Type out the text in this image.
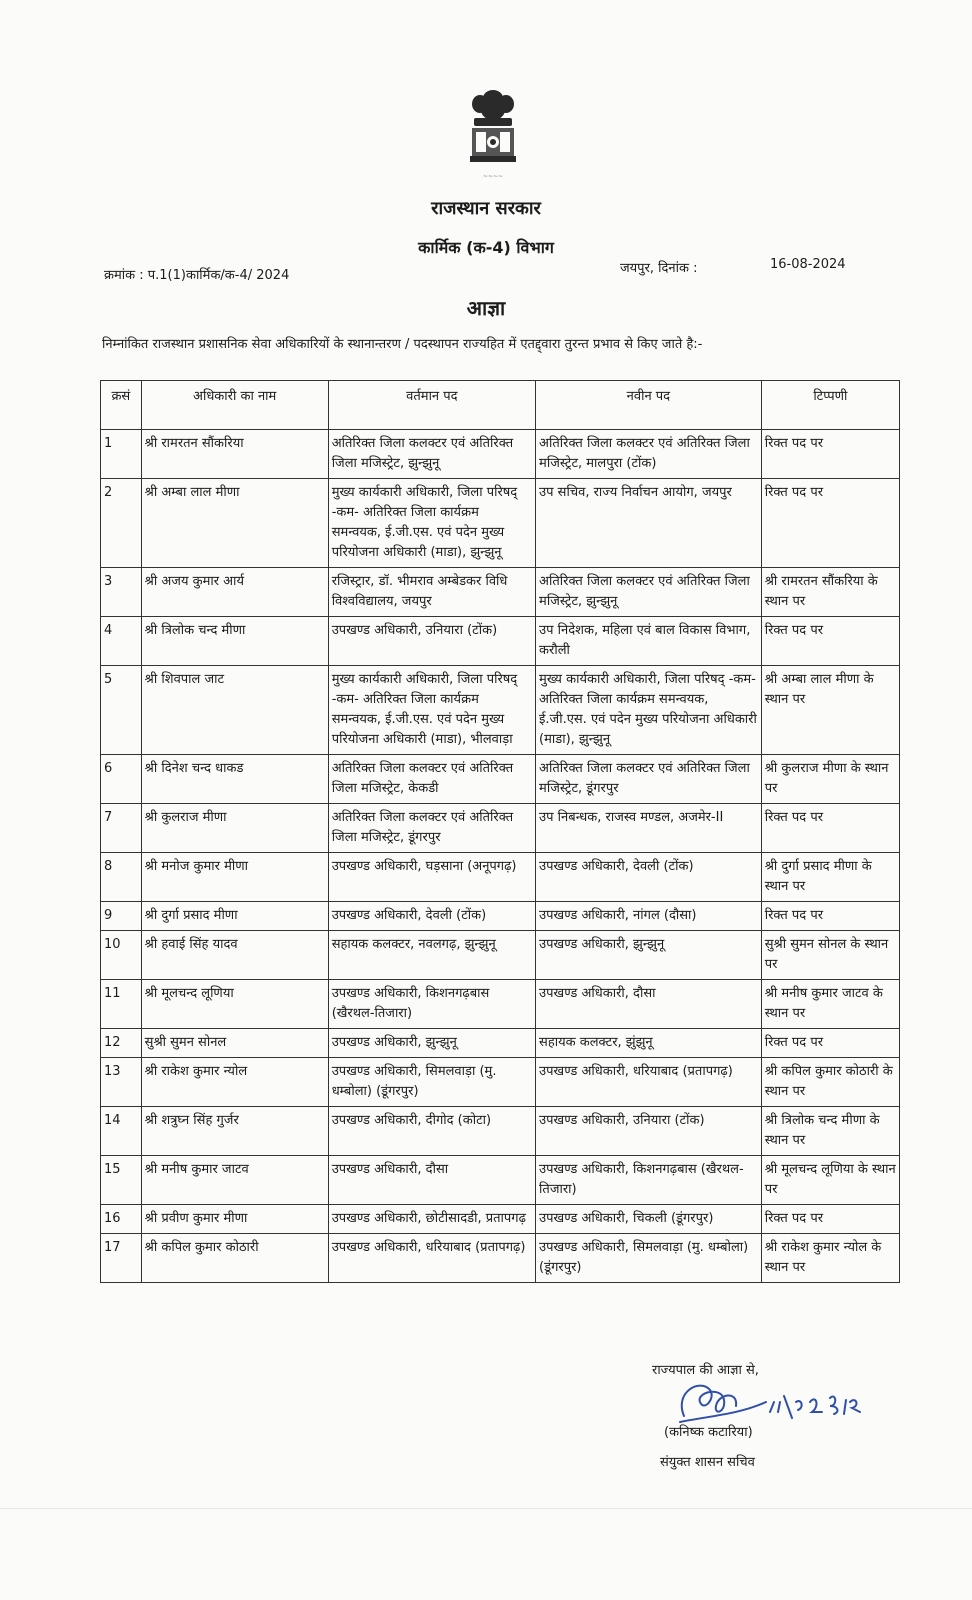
~~~~
राजस्थान सरकार
कार्मिक (क-4) विभाग
क्रमांक : प.1(1)कार्मिक/क-4/ 2024	जयपुर, दिनांक :	16-08-2024
आज्ञा
निम्नांकित राजस्थान प्रशासनिक सेवा अधिकारियों के स्थानान्तरण / पदस्थापन राज्यहित में एतद्द्वारा तुरन्त प्रभाव से किए जाते है:-
क्रसं	अधिकारी का नाम	वर्तमान पद	नवीन पद	टिप्पणी
1	श्री रामरतन सौंकरिया	अतिरिक्त जिला कलक्टर एवं अतिरिक्त जिला मजिस्ट्रेट, झुन्झुनू	अतिरिक्त जिला कलक्टर एवं अतिरिक्त जिला मजिस्ट्रेट, मालपुरा (टोंक)	रिक्त पद पर
2	श्री अम्बा लाल मीणा	मुख्य कार्यकारी अधिकारी, जिला परिषद् -कम- अतिरिक्त जिला कार्यक्रम समन्वयक, ई.जी.एस. एवं पदेन मुख्य परियोजना अधिकारी (माडा), झुन्झुनू	उप सचिव, राज्य निर्वाचन आयोग, जयपुर	रिक्त पद पर
3	श्री अजय कुमार आर्य	रजिस्ट्रार, डॉ. भीमराव अम्बेडकर विधि विश्वविद्यालय, जयपुर	अतिरिक्त जिला कलक्टर एवं अतिरिक्त जिला मजिस्ट्रेट, झुन्झुनू	श्री रामरतन सौंकरिया के स्थान पर
4	श्री त्रिलोक चन्द मीणा	उपखण्ड अधिकारी, उनियारा (टोंक)	उप निदेशक, महिला एवं बाल विकास विभाग, करौली	रिक्त पद पर
5	श्री शिवपाल जाट	मुख्य कार्यकारी अधिकारी, जिला परिषद् -कम- अतिरिक्त जिला कार्यक्रम समन्वयक, ई.जी.एस. एवं पदेन मुख्य परियोजना अधिकारी (माडा), भीलवाड़ा	मुख्य कार्यकारी अधिकारी, जिला परिषद् -कम- अतिरिक्त जिला कार्यक्रम समन्वयक, ई.जी.एस. एवं पदेन मुख्य परियोजना अधिकारी (माडा), झुन्झुनू	श्री अम्बा लाल मीणा के स्थान पर
6	श्री दिनेश चन्द धाकड	अतिरिक्त जिला कलक्टर एवं अतिरिक्त जिला मजिस्ट्रेट, केकडी	अतिरिक्त जिला कलक्टर एवं अतिरिक्त जिला मजिस्ट्रेट, डूंगरपुर	श्री कुलराज मीणा के स्थान पर
7	श्री कुलराज मीणा	अतिरिक्त जिला कलक्टर एवं अतिरिक्त जिला मजिस्ट्रेट, डूंगरपुर	उप निबन्धक, राजस्व मण्डल, अजमेर-II	रिक्त पद पर
8	श्री मनोज कुमार मीणा	उपखण्ड अधिकारी, घड़साना (अनूपगढ़)	उपखण्ड अधिकारी, देवली (टोंक)	श्री दुर्गा प्रसाद मीणा के स्थान पर
9	श्री दुर्गा प्रसाद मीणा	उपखण्ड अधिकारी, देवली (टोंक)	उपखण्ड अधिकारी, नांगल (दौसा)	रिक्त पद पर
10	श्री हवाई सिंह यादव	सहायक कलक्टर, नवलगढ़, झुन्झुनू	उपखण्ड अधिकारी, झुन्झुनू	सुश्री सुमन सोनल के स्थान पर
11	श्री मूलचन्द लूणिया	उपखण्ड अधिकारी, किशनगढ़बास (खैरथल-तिजारा)	उपखण्ड अधिकारी, दौसा	श्री मनीष कुमार जाटव के स्थान पर
12	सुश्री सुमन सोनल	उपखण्ड अधिकारी, झुन्झुनू	सहायक कलक्टर, झुंझुनू	रिक्त पद पर
13	श्री राकेश कुमार न्योल	उपखण्ड अधिकारी, सिमलवाड़ा (मु. धम्बोला) (डूंगरपुर)	उपखण्ड अधिकारी, धरियाबाद (प्रतापगढ़)	श्री कपिल कुमार कोठारी के स्थान पर
14	श्री शत्रुघ्न सिंह गुर्जर	उपखण्ड अधिकारी, दीगोद (कोटा)	उपखण्ड अधिकारी, उनियारा (टोंक)	श्री त्रिलोक चन्द मीणा के स्थान पर
15	श्री मनीष कुमार जाटव	उपखण्ड अधिकारी, दौसा	उपखण्ड अधिकारी, किशनगढ़बास (खैरथल-तिजारा)	श्री मूलचन्द लूणिया के स्थान पर
16	श्री प्रवीण कुमार मीणा	उपखण्ड अधिकारी, छोटीसादडी, प्रतापगढ़	उपखण्ड अधिकारी, चिकली (डूंगरपुर)	रिक्त पद पर
17	श्री कपिल कुमार कोठारी	उपखण्ड अधिकारी, धरियाबाद (प्रतापगढ़)	उपखण्ड अधिकारी, सिमलवाड़ा (मु. धम्बोला) (डूंगरपुर)	श्री राकेश कुमार न्योल के स्थान पर
राज्यपाल की आज्ञा से,
(कनिष्क कटारिया)
संयुक्त शासन सचिव
